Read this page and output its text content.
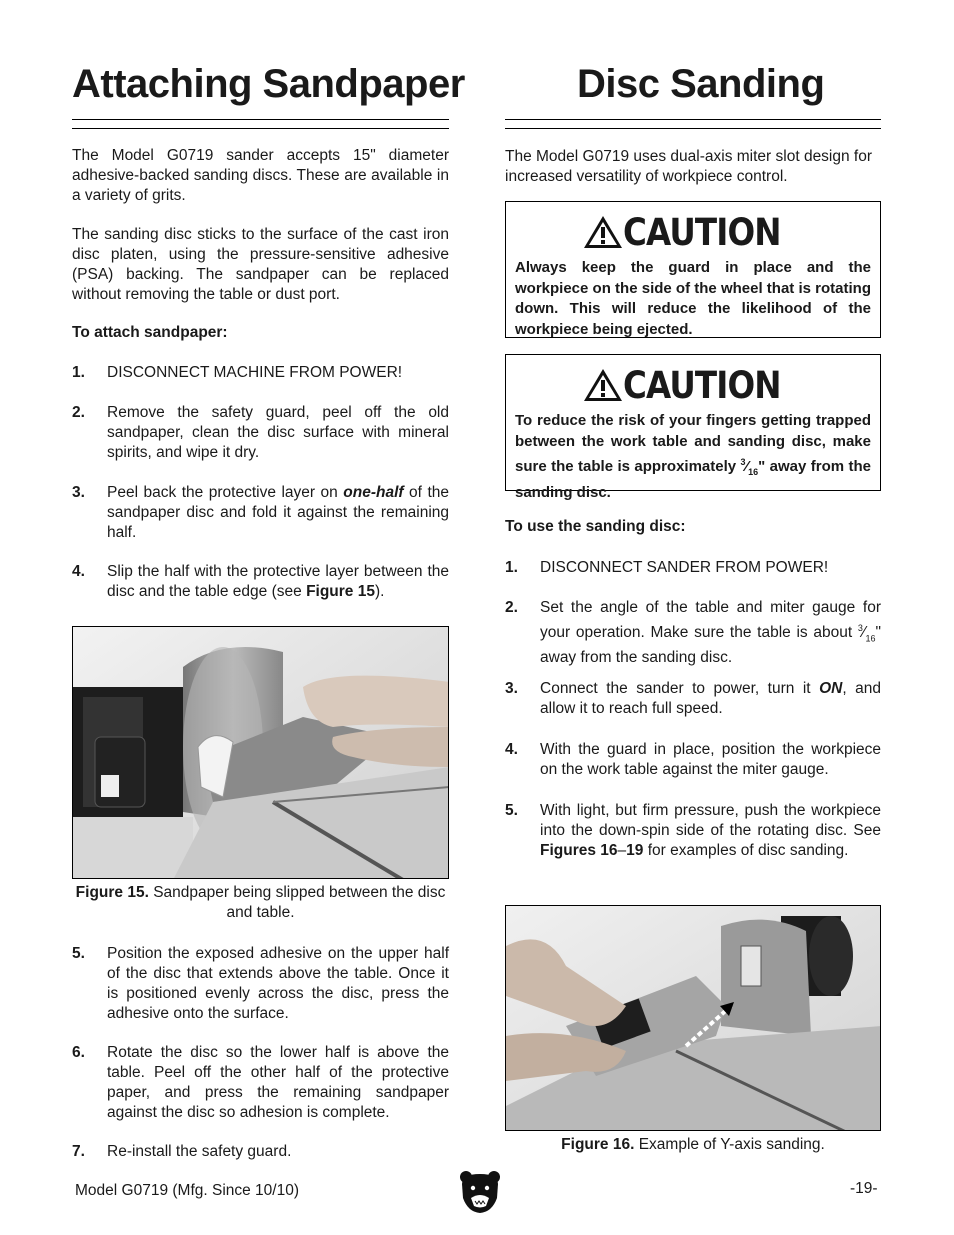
Attaching Sandpaper

The Model G0719 sander accepts 15" diameter adhesive-backed sanding discs. These are available in a variety of grits.

The sanding disc sticks to the surface of the cast iron disc platen, using the pressure-sensitive adhesive (PSA) backing. The sandpaper can be replaced without removing the table or dust port.

To attach sandpaper:

1. DISCONNECT MACHINE FROM POWER!
2. Remove the safety guard, peel off the old sandpaper, clean the disc surface with mineral spirits, and wipe it dry.
3. Peel back the protective layer on one-half of the sandpaper disc and fold it against the remaining half.
4. Slip the half with the protective layer between the disc and the table edge (see Figure 15).
Figure 15. Sandpaper being slipped between the disc and table.
5. Position the exposed adhesive on the upper half of the disc that extends above the table. Once it is positioned evenly across the disc, press the adhesive onto the surface.
6. Rotate the disc so the lower half is above the table. Peel off the other half of the protective paper, and press the remaining sandpaper against the disc so adhesion is complete.
7. Re-install the safety guard.
Disc Sanding

The Model G0719 uses dual-axis miter slot design for increased versatility of workpiece control.

CAUTION
Always keep the guard in place and the workpiece on the side of the wheel that is rotating down. This will reduce the likelihood of the workpiece being ejected.
CAUTION
To reduce the risk of your fingers getting trapped between the work table and sanding disc, make sure the table is approximately $^3⁄_{16}$" away from the sanding disc.

To use the sanding disc:

1. DISCONNECT SANDER FROM POWER!
2. Set the angle of the table and miter gauge for your operation. Make sure the table is about $^3⁄_{16}$" away from the sanding disc.
3. Connect the sander to power, turn it ON, and allow it to reach full speed.
4. With the guard in place, position the workpiece on the work table against the miter gauge.
5. With light, but firm pressure, push the workpiece into the down-spin side of the rotating disc. See Figures 16–19 for examples of disc sanding.
Figure 16. Example of Y-axis sanding.
Model G0719 (Mfg. Since 10/10)	-19-
